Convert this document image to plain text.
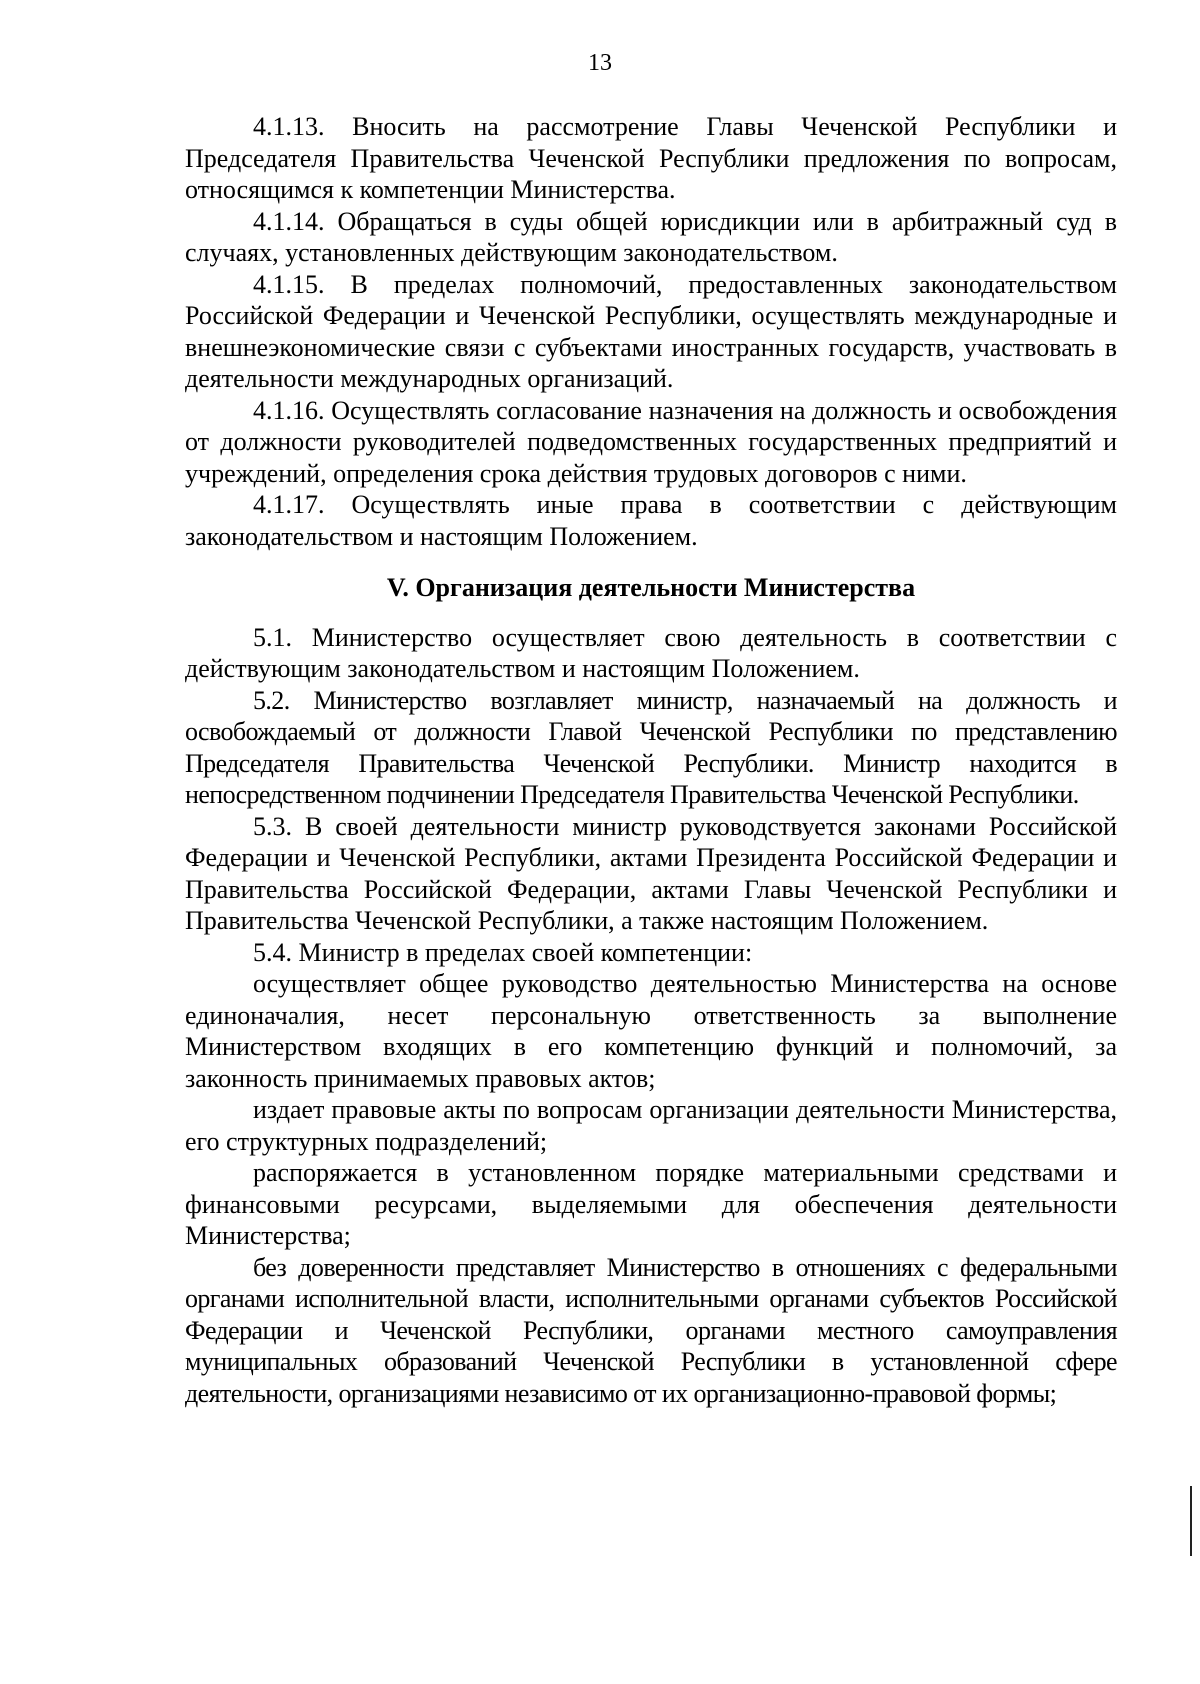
13

4.1.13. Вносить на рассмотрение Главы Чеченской Республики и Председателя Правительства Чеченской Республики предложения по вопросам, относящимся к компетенции Министерства.

4.1.14. Обращаться в суды общей юрисдикции или в арбитражный суд в случаях, установленных действующим законодательством.

4.1.15. В пределах полномочий, предоставленных законодательством Российской Федерации и Чеченской Республики, осуществлять международные и внешнеэкономические связи с субъектами иностранных государств, участвовать в деятельности международных организаций.

4.1.16. Осуществлять согласование назначения на должность и освобождения от должности руководителей подведомственных государственных предприятий и учреждений, определения срока действия трудовых договоров с ними.

4.1.17. Осуществлять иные права в соответствии с действующим законодательством и настоящим Положением.

V. Организация деятельности Министерства

5.1. Министерство осуществляет свою деятельность в соответствии с действующим законодательством и настоящим Положением.

5.2. Министерство возглавляет министр, назначаемый на должность и освобождаемый от должности Главой Чеченской Республики по представлению Председателя Правительства Чеченской Республики. Министр находится в непосредственном подчинении Председателя Правительства Чеченской Республики.

5.3. В своей деятельности министр руководствуется законами Российской Федерации и Чеченской Республики, актами Президента Российской Федерации и Правительства Российской Федерации, актами Главы Чеченской Республики и Правительства Чеченской Республики, а также настоящим Положением.

5.4. Министр в пределах своей компетенции:

осуществляет общее руководство деятельностью Министерства на основе единоначалия, несет персональную ответственность за выполнение Министерством входящих в его компетенцию функций и полномочий, за законность принимаемых правовых актов;

издает правовые акты по вопросам организации деятельности Министерства, его структурных подразделений;

распоряжается в установленном порядке материальными средствами и финансовыми ресурсами, выделяемыми для обеспечения деятельности Министерства;

без доверенности представляет Министерство в отношениях с федеральными органами исполнительной власти, исполнительными органами субъектов Российской Федерации и Чеченской Республики, органами местного самоуправления муниципальных образований Чеченской Республики в установленной сфере деятельности, организациями независимо от их организационно-правовой формы;
